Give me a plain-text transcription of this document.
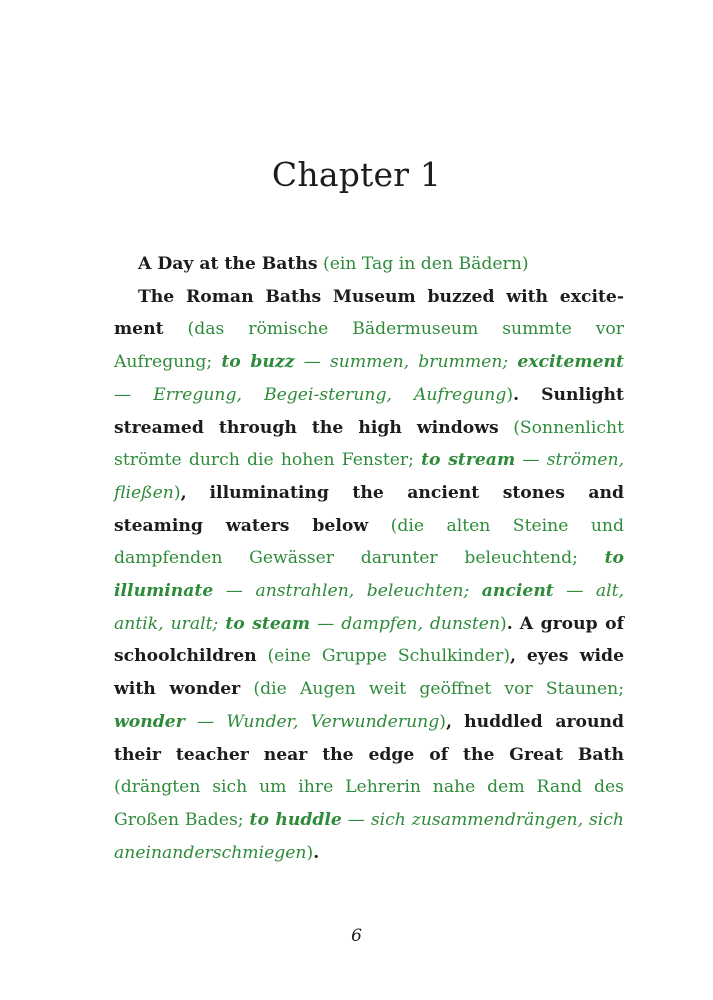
Chapter 1

A Day at the Baths (ein Tag in den Bädern)

The Roman Baths Museum buzzed with excite-ment (das römische Bädermuseum summte vor Aufregung; to buzz — summen, brummen; excitement — Erregung, Begei-sterung, Aufregung). Sunlight streamed through the high windows (Sonnenlicht strömte durch die hohen Fenster; to stream — strömen, fließen), illuminating the ancient stones and steaming waters below (die alten Steine und dampfenden Gewässer darunter beleuchtend; to illuminate — anstrahlen, beleuchten; ancient — alt, antik, uralt; to steam — dampfen, dunsten). A group of schoolchildren (eine Gruppe Schulkinder), eyes wide with wonder (die Augen weit geöffnet vor Staunen; wonder — Wunder, Verwunderung), huddled around their teacher near the edge of the Great Bath (drängten sich um ihre Lehrerin nahe dem Rand des Großen Bades; to huddle — sich zusammendrängen, sich aneinanderschmiegen).

6
